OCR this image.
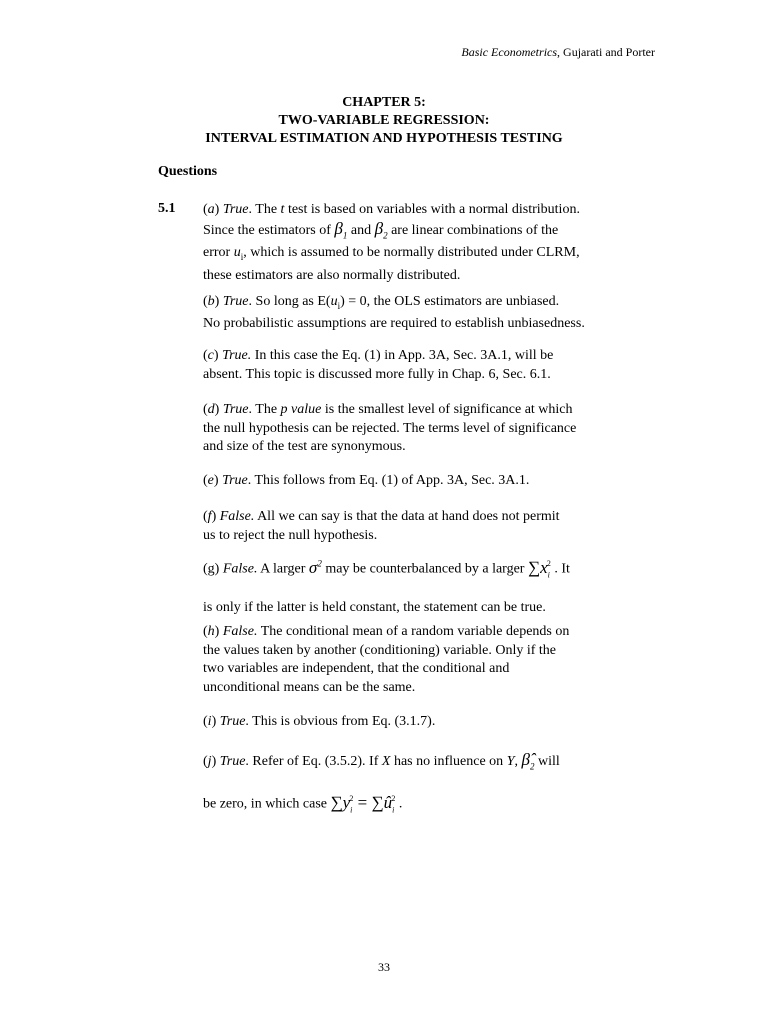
Basic Econometrics, Gujarati and Porter
CHAPTER 5:
TWO-VARIABLE REGRESSION:
INTERVAL ESTIMATION AND HYPOTHESIS TESTING
Questions
5.1 (a) True. The t test is based on variables with a normal distribution.

Since the estimators of $\beta_1$ and $\beta_2$ are linear combinations of the

error $u_i$, which is assumed to be normally distributed under CLRM,

these estimators are also normally distributed.

(b) True. So long as $E(u_i) = 0$, the OLS estimators are unbiased.

No probabilistic assumptions are required to establish unbiasedness.

(c) True. In this case the Eq. (1) in App. 3A, Sec. 3A.1, will be

absent. This topic is discussed more fully in Chap. 6, Sec. 6.1.

(d) True. The p value is the smallest level of significance at which

the null hypothesis can be rejected. The terms level of significance

and size of the test are synonymous.

(e) True. This follows from Eq. (1) of App. 3A, Sec. 3A.1.

(f) False. All we can say is that the data at hand does not permit

us to reject the null hypothesis.

(g) False. A larger $\sigma^2$ may be counterbalanced by a larger $\sum x_i^2$ . It

is only if the latter is held constant, the statement can be true.

(h) False. The conditional mean of a random variable depends on

the values taken by another (conditioning) variable. Only if the

two variables are independent, that the conditional and

unconditional means can be the same.

(i) True. This is obvious from Eq. (3.1.7).

(j) True. Refer of Eq. (3.5.2). If X has no influence on Y, $\betâ_2$ will

be zero, in which case $\sum y_i^2$ = $\sum û_i^2$ .

33
